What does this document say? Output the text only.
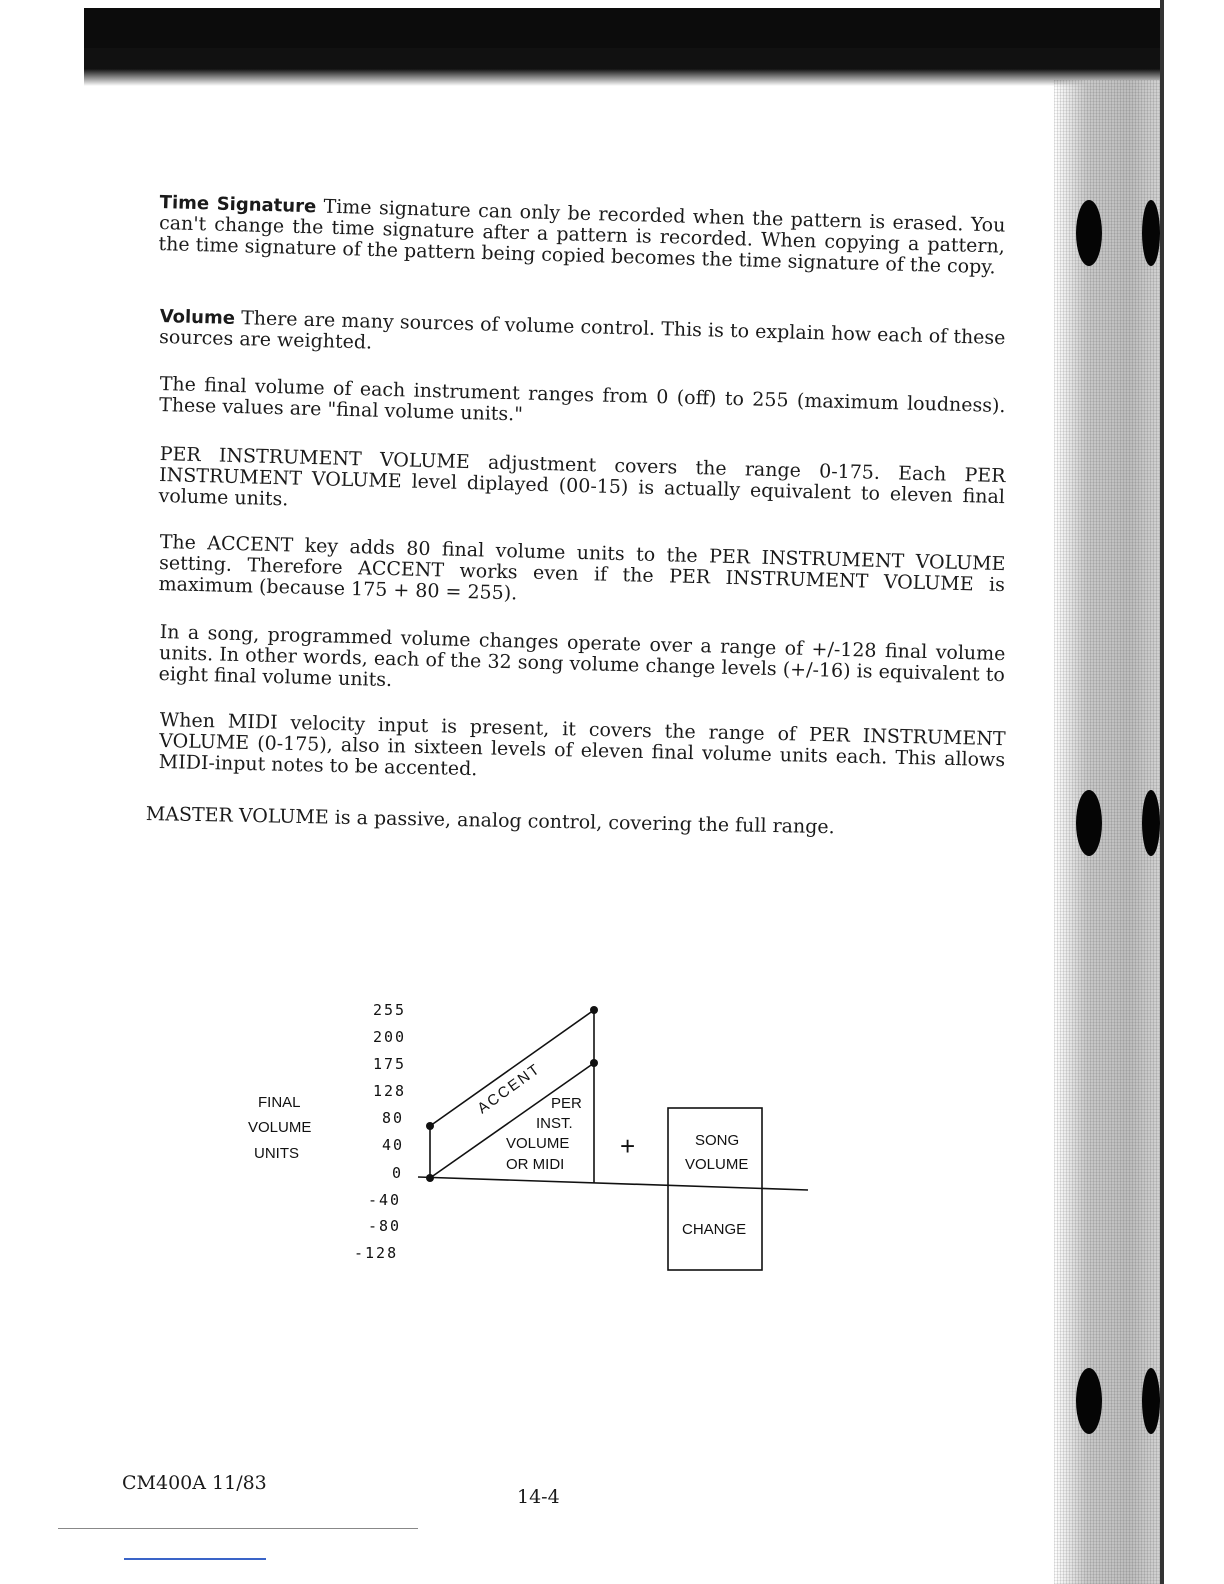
Time Signature Time signature can only be recorded when the pattern is erased. You can't change the time signature after a pattern is recorded. When copying a pattern, the time signature of the pattern being copied becomes the time signature of the copy.

Volume There are many sources of volume control. This is to explain how each of these sources are weighted.

The final volume of each instrument ranges from 0 (off) to 255 (maximum loudness). These values are "final volume units."

PER INSTRUMENT VOLUME adjustment covers the range 0-175. Each PER INSTRUMENT VOLUME level diplayed (00-15) is actually equivalent to eleven final volume units.

The ACCENT key adds 80 final volume units to the PER INSTRUMENT VOLUME setting. Therefore ACCENT works even if the PER INSTRUMENT VOLUME is maximum (because 175 + 80 = 255).

In a song, programmed volume changes operate over a range of +/-128 final volume units. In other words, each of the 32 song volume change levels (+/-16) is equivalent to eight final volume units.

When MIDI velocity input is present, it covers the range of PER INSTRUMENT VOLUME (0-175), also in sixteen levels of eleven final volume units each. This allows MIDI-input notes to be accented.

MASTER VOLUME is a passive, analog control, covering the full range.

FINAL
VOLUME
UNITS
255
200
175
128
80
40
0
-40
-80
-128
ACCENT PER
INST.
VOLUME
OR MIDI
+	SONG
VOLUME
CHANGE
CM400A 11/83
14-4
